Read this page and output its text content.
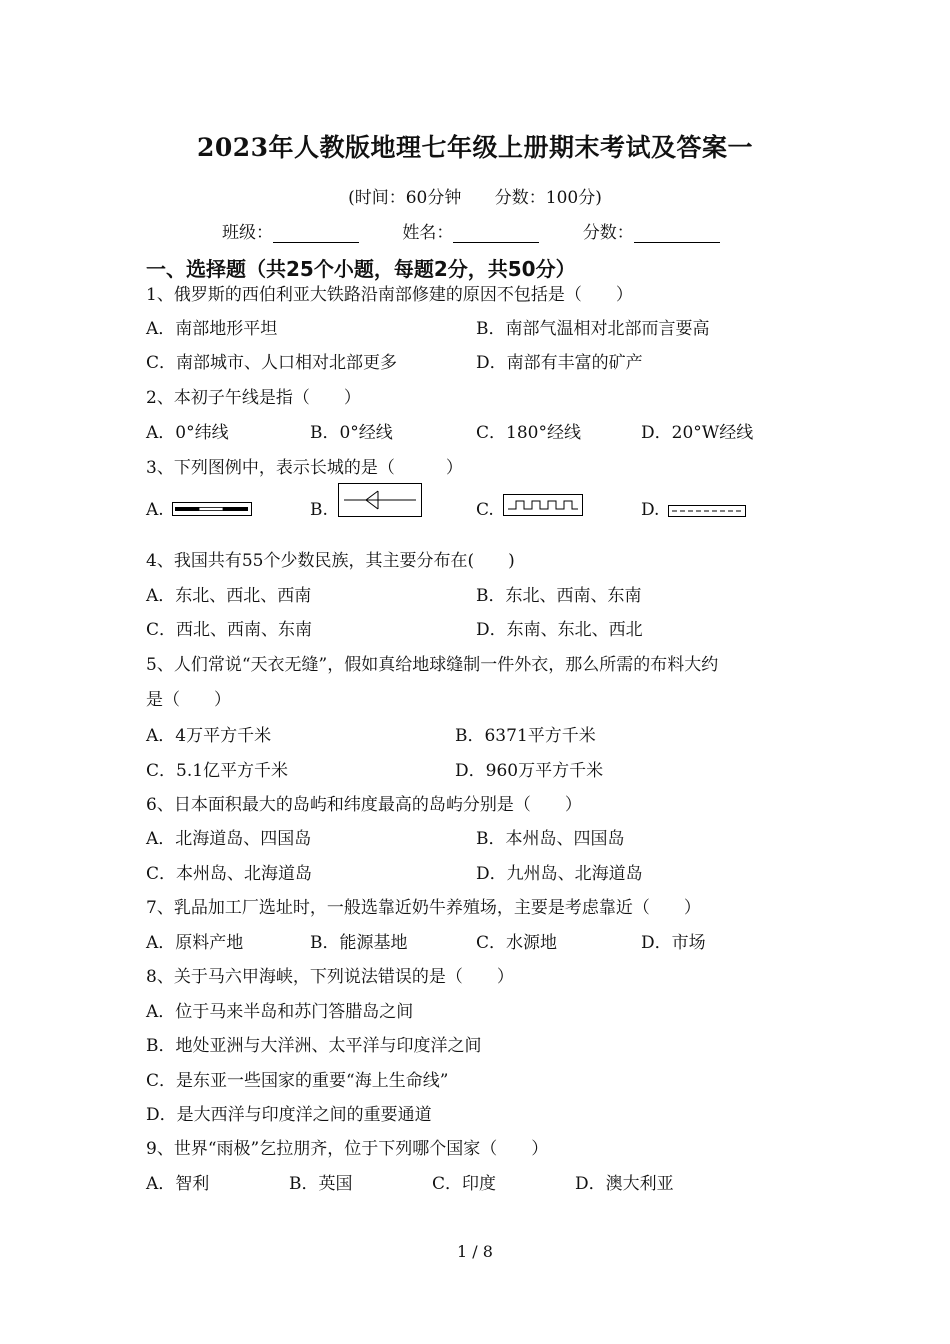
2023年人教版地理七年级上册期末考试及答案一
(时间：60分钟 分数：100分)
班级：	姓名：	分数：
一、选择题（共25个小题，每题2分，共50分）
1、俄罗斯的西伯利亚大铁路沿南部修建的原因不包括是（　　）
A．南部地形平坦	B．南部气温相对北部而言要高
C．南部城市、人口相对北部更多	D．南部有丰富的矿产
2、本初子午线是指（　　）
A．0°纬线	B．0°经线	C．180°经线	D．20°W经线
3、下列图例中，表示长城的是（　　　）
A.	B.	C.	D.
4、我国共有55个少数民族，其主要分布在(　　)
A．东北、西北、西南	B．东北、西南、东南
C．西北、西南、东南	D．东南、东北、西北
5、人们常说“天衣无缝”，假如真给地球缝制一件外衣，那么所需的布料大约
是（　　）
A．4万平方千米	B．6371平方千米
C．5.1亿平方千米	D．960万平方千米
6、日本面积最大的岛屿和纬度最高的岛屿分别是（　　）
A．北海道岛、四国岛	B．本州岛、四国岛
C．本州岛、北海道岛	D．九州岛、北海道岛
7、乳品加工厂选址时，一般选靠近奶牛养殖场，主要是考虑靠近（　　）
A．原料产地	B．能源基地	C．水源地	D．市场
8、关于马六甲海峡，下列说法错误的是（　　）
A．位于马来半岛和苏门答腊岛之间
B．地处亚洲与大洋洲、太平洋与印度洋之间
C．是东亚一些国家的重要“海上生命线”
D．是大西洋与印度洋之间的重要通道
9、世界“雨极”乞拉朋齐，位于下列哪个国家（　　）
A．智利	B．英国	C．印度	D．澳大利亚
1 / 8
